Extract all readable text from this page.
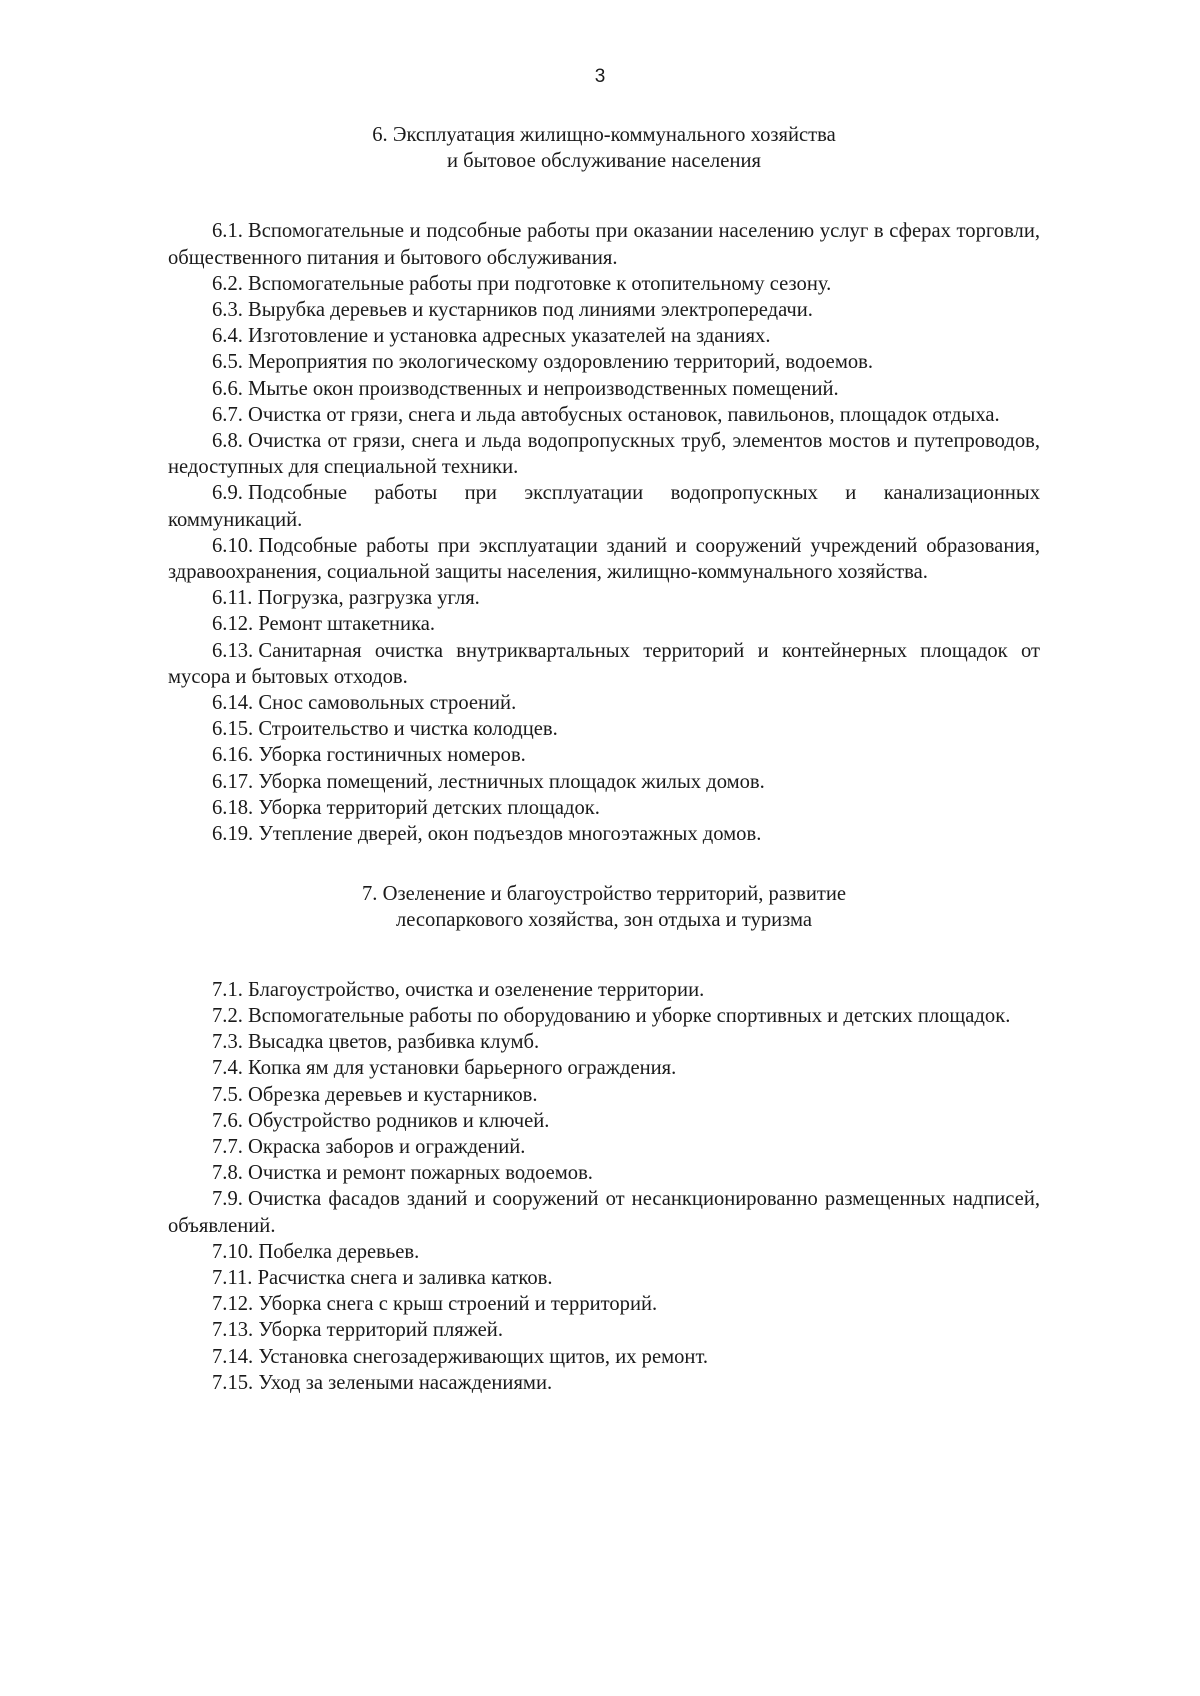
3
6. Эксплуатация жилищно-коммунального хозяйства
и бытовое обслуживание населения

6.1. Вспомогательные и подсобные работы при оказании населению услуг в сферах торговли, общественного питания и бытового обслуживания.

6.2. Вспомогательные работы при подготовке к отопительному сезону.

6.3. Вырубка деревьев и кустарников под линиями электропередачи.

6.4. Изготовление и установка адресных указателей на зданиях.

6.5. Мероприятия по экологическому оздоровлению территорий, водоемов.

6.6. Мытье окон производственных и непроизводственных помещений.

6.7. Очистка от грязи, снега и льда автобусных остановок, павильонов, площадок отдыха.

6.8. Очистка от грязи, снега и льда водопропускных труб, элементов мостов и путепроводов, недоступных для специальной техники.

6.9. Подсобные работы при эксплуатации водопропускных и канализационных коммуникаций.

6.10. Подсобные работы при эксплуатации зданий и сооружений учреждений образования, здравоохранения, социальной защиты населения, жилищно-коммунального хозяйства.

6.11. Погрузка, разгрузка угля.

6.12. Ремонт штакетника.

6.13. Санитарная очистка внутриквартальных территорий и контейнерных площадок от мусора и бытовых отходов.

6.14. Снос самовольных строений.

6.15. Строительство и чистка колодцев.

6.16. Уборка гостиничных номеров.

6.17. Уборка помещений, лестничных площадок жилых домов.

6.18. Уборка территорий детских площадок.

6.19. Утепление дверей, окон подъездов многоэтажных домов.

7. Озеленение и благоустройство территорий, развитие
лесопаркового хозяйства, зон отдыха и туризма

7.1. Благоустройство, очистка и озеленение территории.

7.2. Вспомогательные работы по оборудованию и уборке спортивных и детских площадок.

7.3. Высадка цветов, разбивка клумб.

7.4. Копка ям для установки барьерного ограждения.

7.5. Обрезка деревьев и кустарников.

7.6. Обустройство родников и ключей.

7.7. Окраска заборов и ограждений.

7.8. Очистка и ремонт пожарных водоемов.

7.9. Очистка фасадов зданий и сооружений от несанкционированно размещенных надписей, объявлений.

7.10. Побелка деревьев.

7.11. Расчистка снега и заливка катков.

7.12. Уборка снега с крыш строений и территорий.

7.13. Уборка территорий пляжей.

7.14. Установка снегозадерживающих щитов, их ремонт.

7.15. Уход за зелеными насаждениями.
